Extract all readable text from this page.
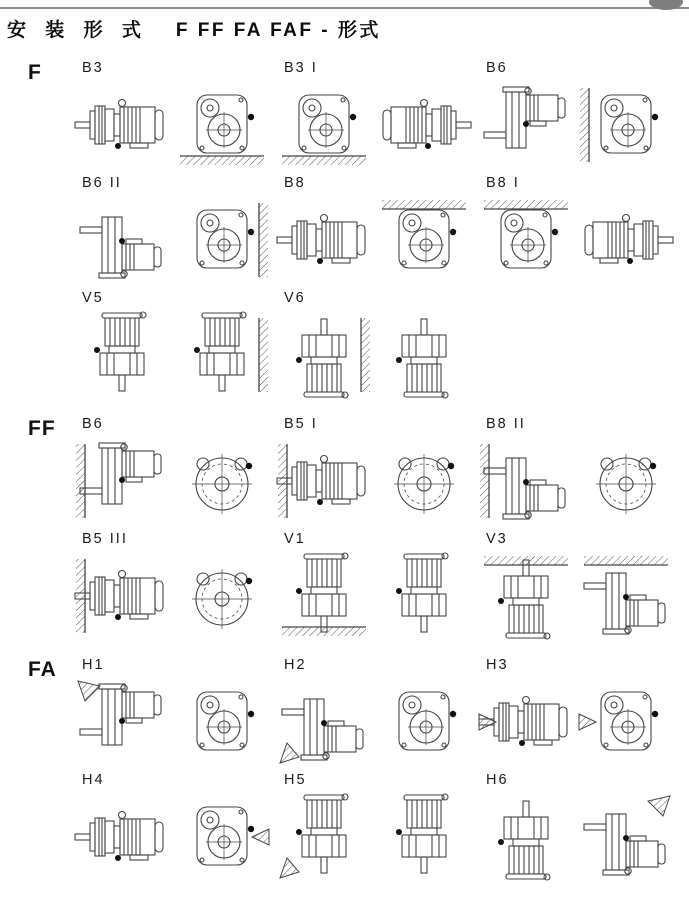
安 装 形 式 F FF FA FAF - 形式
F	B3	B3 I	B6
B6 II	B8	B8 I
V5	V6
FF	B6	B5 I	B8 II
B5 III	V1	V3
FA	H1	H2	H3
H4	H5	H6
